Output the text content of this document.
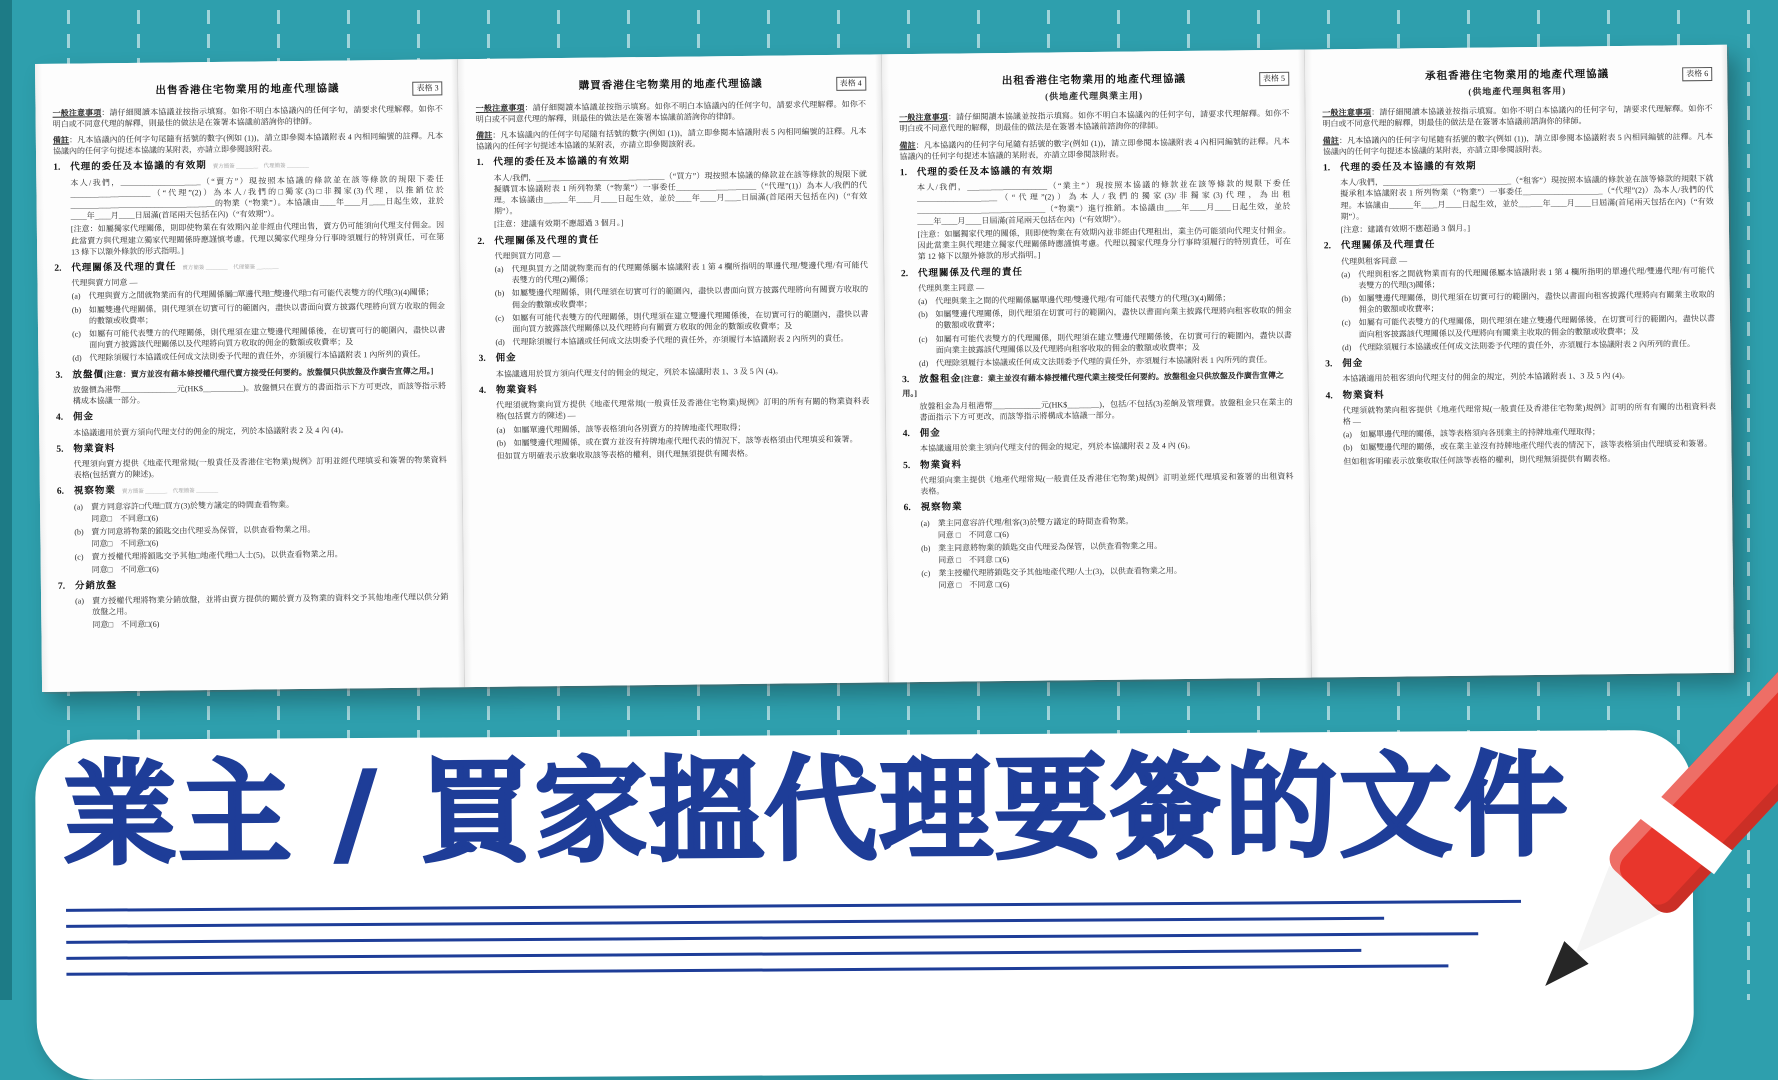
表格 3
出售香港住宅物業用的地產代理協議

一般注意事項：請仔細閱讀本協議並按指示填寫。如你不明白本協議內的任何字句，請要求代理解釋。如你不明白或不同意代理的解釋，則最佳的做法是在簽署本協議前諮詢你的律師。

備註：凡本協議內的任何字句尾隨有括號的數字(例如 (1))，請立即參閱本協議附表 4 內相同編號的註釋。凡本協議內的任何字句提述本協議的某附表，亦請立即參閱該附表。

1. 代理的委任及本協議的有效期 賣方簡簽 ________　代理簡簽 ________

本人/我們，____________________（“賣方”）現按照本協議的條款並在該等條款的規限下委任____________________（“代理”(2)）為本人/我們的□獨家(3)□非獨家(3)代理，以推銷位於____________________________________的物業（“物業”）。本協議由____年____月____日起生效，並於____年____月____日屆滿(首尾兩天包括在內)（“有效期”）。

[注意：如屬獨家代理關係，則即使物業在有效期內並非經由代理出售，賣方仍可能須向代理支付佣金。因此當賣方與代理建立獨家代理關係時應謹慎考慮。代理以獨家代理身分行事時須履行的特別責任，可在第 13 條下以額外條款的形式指明。]

2. 代理關係及代理的責任 賣方簡簽 ________　代理簡簽 ________

代理與賣方同意 —

(a)	代理與賣方之間就物業而有的代理關係屬□單邊代理□雙邊代理□有可能代表雙方的代理(3)(4)關係；
(b) 如屬雙邊代理關係，則代理須在切實可行的範圍內，盡快以書面向賣方披露代理將向買方收取的佣金的數額或收費率；
(c)	如屬有可能代表雙方的代理關係，則代理須在建立雙邊代理關係後，在切實可行的範圍內，盡快以書面向賣方披露該代理關係以及代理將向買方收取的佣金的數額或收費率；及
(d) 代理除須履行本協議或任何成文法則委予代理的責任外，亦須履行本協議附表 1 內所列的責任。
3. 放盤價[注意：賣方並沒有藉本條授權代理代賣方接受任何要約。放盤價只供放盤及作廣告宣傳之用。]

放盤價為港幣______________元(HK$__________)。放盤價只在賣方的書面指示下方可更改，而該等指示將構成本協議一部分。

4. 佣金

本協議適用於賣方須向代理支付的佣金的規定，列於本協議附表 2 及 4 內 (4)。

5. 物業資料

代理須向賣方提供《地產代理常規(一般責任及香港住宅物業)規例》訂明並經代理填妥和簽署的物業資料表格(包括賣方的陳述)。

6. 視察物業 賣方簡簽 ________　代理簡簽 ________
(a)	賣方同意容許□代理□買方(3)於雙方議定的時間查看物業。
同意□　不同意□(6)
(b) 賣方同意將物業的鎖匙交由代理妥為保管，以供查看物業之用。
同意□　不同意□(6)
(c)	賣方授權代理將鎖匙交予其他□地產代理□人士(5)，以供查看物業之用。
同意□　不同意□(6)
7. 分銷放盤
(a)	賣方授權代理將物業分銷放盤，並將由賣方提供的關於賣方及物業的資料交予其他地產代理以供分銷放盤之用。
同意□　不同意□(6)
表格 4
購買香港住宅物業用的地產代理協議

一般注意事項：請仔細閱讀本協議並按指示填寫。如你不明白本協議內的任何字句，請要求代理解釋。如你不明白或不同意代理的解釋，則最佳的做法是在簽署本協議前諮詢你的律師。

備註：凡本協議內的任何字句尾隨有括號的數字(例如 (1))，請立即參閱本協議附表 5 內相同編號的註釋。凡本協議內的任何字句提述本協議的某附表，亦請立即參閱該附表。

1. 代理的委任及本協議的有效期

本人/我們，________________________________（“買方”）現按照本協議的條款並在該等條款的規限下就擬購買本協議附表 1 所列物業（“物業”）一事委任____________________（“代理”(1)）為本人/我們的代理。本協議由______年____月____日起生效，並於____年____月____日屆滿(首尾兩天包括在內)（“有效期”）。

[注意：建議有效期不應超過 3 個月。]

2. 代理關係及代理的責任

代理與買方同意 —

(a)	代理與買方之間就物業而有的代理關係屬本協議附表 1 第 4 欄所指明的單邊代理/雙邊代理/有可能代表雙方的代理(2)關係；
(b) 如屬雙邊代理關係，則代理須在切實可行的範圍內，盡快以書面向買方披露代理將向有關賣方收取的佣金的數額或收費率；
(c)	如屬有可能代表雙方的代理關係，則代理須在建立雙邊代理關係後，在切實可行的範圍內，盡快以書面向買方披露該代理關係以及代理將向有關賣方收取的佣金的數額或收費率；及
(d) 代理除須履行本協議或任何成文法則委予代理的責任外，亦須履行本協議附表 2 內所列的責任。
3. 佣金

本協議適用於買方須向代理支付的佣金的規定，列於本協議附表 1、3 及 5 內 (4)。

4. 物業資料

代理須就物業向買方提供《地產代理常規(一般責任及香港住宅物業)規例》訂明的所有有關的物業資料表格(包括賣方的陳述) —

(a)	如屬單邊代理關係，該等表格須向各別賣方的持牌地產代理取得；
(b) 如屬雙邊代理關係，或在賣方並沒有持牌地產代理代表的情況下，該等表格須由代理填妥和簽署。

但如買方明確表示放棄收取該等表格的權利，則代理無須提供有關表格。

表格 5
出租香港住宅物業用的地產代理協議
(供地產代理與業主用)

一般注意事項：請仔細閱讀本協議並按指示填寫。如你不明白本協議內的任何字句，請要求代理解釋。如你不明白或不同意代理的解釋，則最佳的做法是在簽署本協議前諮詢你的律師。

備註：凡本協議內的任何字句尾隨有括號的數字(例如 (1))，請立即參閱本協議附表 4 內相同編號的註釋。凡本協議內的任何字句提述本協議的某附表，亦請立即參閱該附表。

1. 代理的委任及本協議的有效期

本人/我們，____________________（“業主”）現按照本協議的條款並在該等條款的規限下委任____________________（“代理”(2)）為本人/我們的獨家(3)/非獨家(3)代理，為出租________________________________（“物業”）進行推銷。本協議由____年____月____日起生效，並於____年____月____日屆滿(首尾兩天包括在內)（“有效期”）。

[注意：如屬獨家代理的關係，則即使物業在有效期內並非經由代理租出，業主仍可能須向代理支付佣金。因此當業主與代理建立獨家代理關係時應謹慎考慮。代理以獨家代理身分行事時須履行的特別責任，可在第 12 條下以額外條款的形式指明。]

2. 代理關係及代理的責任

代理與業主同意 —

(a)	代理與業主之間的代理關係屬單邊代理/雙邊代理/有可能代表雙方的代理(3)(4)關係；
(b) 如屬雙邊代理關係，則代理須在切實可行的範圍內，盡快以書面向業主披露代理將向租客收取的佣金的數額或收費率；
(c)	如屬有可能代表雙方的代理關係，則代理須在建立雙邊代理關係後，在切實可行的範圍內，盡快以書面向業主披露該代理關係以及代理將向租客收取的佣金的數額或收費率；及
(d) 代理除須履行本協議或任何成文法則委予代理的責任外，亦須履行本協議附表 1 內所列的責任。
3. 放盤租金[注意：業主並沒有藉本條授權代理代業主接受任何要約。放盤租金只供放盤及作廣告宣傳之用。]

放盤租金為月租港幣____________元(HK$________)，包括/不包括(3)差餉及管理費。放盤租金只在業主的書面指示下方可更改，而該等指示將構成本協議一部分。

4. 佣金

本協議適用於業主須向代理支付的佣金的規定，列於本協議附表 2 及 4 內 (6)。

5. 物業資料

代理須向業主提供《地產代理常規(一般責任及香港住宅物業)規例》訂明並經代理填妥和簽署的出租資料表格。

6. 視察物業
(a)	業主同意容許代理/租客(3)於雙方議定的時間查看物業。
同意 □　不同意 □(6)
(b) 業主同意將物業的鎖匙交由代理妥為保管，以供查看物業之用。
同意 □　不同意 □(6)
(c)	業主授權代理將鎖匙交予其他地產代理/人士(3)，以供查看物業之用。
同意 □　不同意 □(6)
表格 6
承租香港住宅物業用的地產代理協議
(供地產代理與租客用)

一般注意事項：請仔細閱讀本協議並按指示填寫。如你不明白本協議內的任何字句，請要求代理解釋。如你不明白或不同意代理的解釋，則最佳的做法是在簽署本協議前諮詢你的律師。

備註：凡本協議內的任何字句尾隨有括號的數字(例如 (1))，請立即參閱本協議附表 5 內相同編號的註釋。凡本協議內的任何字句提述本協議的某附表，亦請立即參閱該附表。

1. 代理的委任及本協議的有效期

本人/我們，________________________________（“租客”）現按照本協議的條款並在該等條款的規限下就擬承租本協議附表 1 所列物業（“物業”）一事委任____________________（“代理”(2)）為本人/我們的代理。本協議由______年____月____日起生效，並於______年____月____日屆滿(首尾兩天包括在內)（“有效期”）。

[注意：建議有效期不應超過 3 個月。]

2. 代理關係及代理責任

代理與租客同意 —

(a)	代理與租客之間就物業而有的代理關係屬本協議附表 1 第 4 欄所指明的單邊代理/雙邊代理/有可能代表雙方的代理(3)關係；
(b) 如屬雙邊代理關係，則代理須在切實可行的範圍內，盡快以書面向租客披露代理將向有關業主收取的佣金的數額或收費率；
(c)	如屬有可能代表雙方的代理關係，則代理須在建立雙邊代理關係後，在切實可行的範圍內，盡快以書面向租客披露該代理關係以及代理將向有關業主收取的佣金的數額或收費率；及
(d) 代理除須履行本協議或任何成文法則委予代理的責任外，亦須履行本協議附表 2 內所列的責任。
3. 佣金

本協議適用於租客須向代理支付的佣金的規定，列於本協議附表 1、3 及 5 內 (4)。

4. 物業資料

代理須就物業向租客提供《地產代理常規(一般責任及香港住宅物業)規例》訂明的所有有關的出租資料表格 —

(a)	如屬單邊代理的關係，該等表格須向各別業主的持牌地產代理取得；
(b) 如屬雙邊代理的關係，或在業主並沒有持牌地產代理代表的情況下，該等表格須由代理填妥和簽署。

但如租客明確表示放棄收取任何該等表格的權利，則代理無須提供有關表格。

業主 / 買家搵代理要簽的文件
